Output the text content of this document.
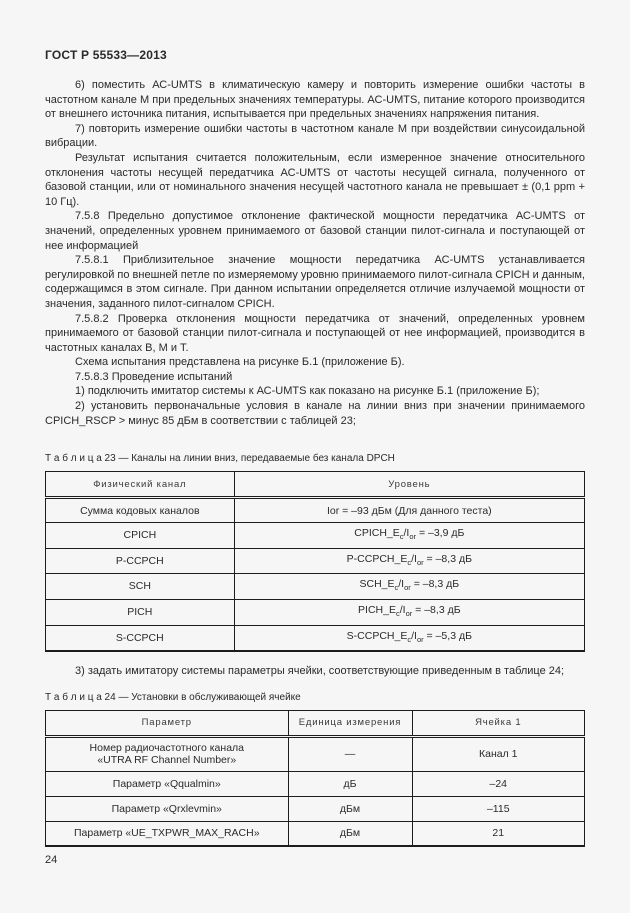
ГОСТ Р 55533—2013

6) поместить АС-UMTS в климатическую камеру и повторить измерение ошибки частоты в частотном канале М при предельных значениях температуры. АС-UMTS, питание которого производится от внешнего источника питания, испытывается при предельных значениях напряжения питания.

7) повторить измерение ошибки частоты в частотном канале М при воздействии синусоидальной вибрации.

Результат испытания считается положительным, если измеренное значение относительного отклонения частоты несущей передатчика АС-UMTS от частоты несущей сигнала, полученного от базовой станции, или от номинального значения несущей частотного канала не превышает ± (0,1 ppm + 10 Гц).

7.5.8 Предельно допустимое отклонение фактической мощности передатчика АС-UMTS от значений, определенных уровнем принимаемого от базовой станции пилот-сигнала и поступающей от нее информацией

7.5.8.1 Приблизительное значение мощности передатчика АС-UMTS устанавливается регулировкой по внешней петле по измеряемому уровню принимаемого пилот-сигнала CPICH и данным, содержащимся в этом сигнале. При данном испытании определяется отличие излучаемой мощности от значения, заданного пилот-сигналом CPICH.

7.5.8.2 Проверка отклонения мощности передатчика от значений, определенных уровнем принимаемого от базовой станции пилот-сигнала и поступающей от нее информацией, производится в частотных каналах В, М и Т.

Схема испытания представлена на рисунке Б.1 (приложение Б).

7.5.8.3 Проведение испытаний

1) подключить имитатор системы к АС-UMTS как показано на рисунке Б.1 (приложение Б);

2) установить первоначальные условия в канале на линии вниз при значении принимаемого CPICH_RSCP > минус 85 дБм в соответствии с таблицей 23;

Т а б л и ц а 23 — Каналы на линии вниз, передаваемые без канала DPCH
Физический канал	Уровень
Сумма кодовых каналов	Ior = –93 дБм (Для данного теста)
CPICH	$CPICH\_E_c/I_{or} = -3,9$ дБ
P-CCPCH	$P-CCPCH\_E_c/I_{or} = -8,3$ дБ
SCH	$SCH\_E_c/I_{or} = -8,3$ дБ
PICH	$PICH\_E_c/I_{or} = -8,3$ дБ
S-CCPCH	$S-CCPCH\_E_c/I_{or} = -5,3$ дБ

3) задать имитатору системы параметры ячейки, соответствующие приведенным в таблице 24;

Т а б л и ц а 24 — Установки в обслуживающей ячейке
Параметр	Единица измерения	Ячейка 1
Номер радиочастотного канала
«UTRA RF Channel Number»	—	Канал 1
Параметр «Qqualmin»	дБ	–24
Параметр «Qrxlevmin»	дБм	–115
Параметр «UE_TXPWR_MAX_RACH»	дБм	21
24
